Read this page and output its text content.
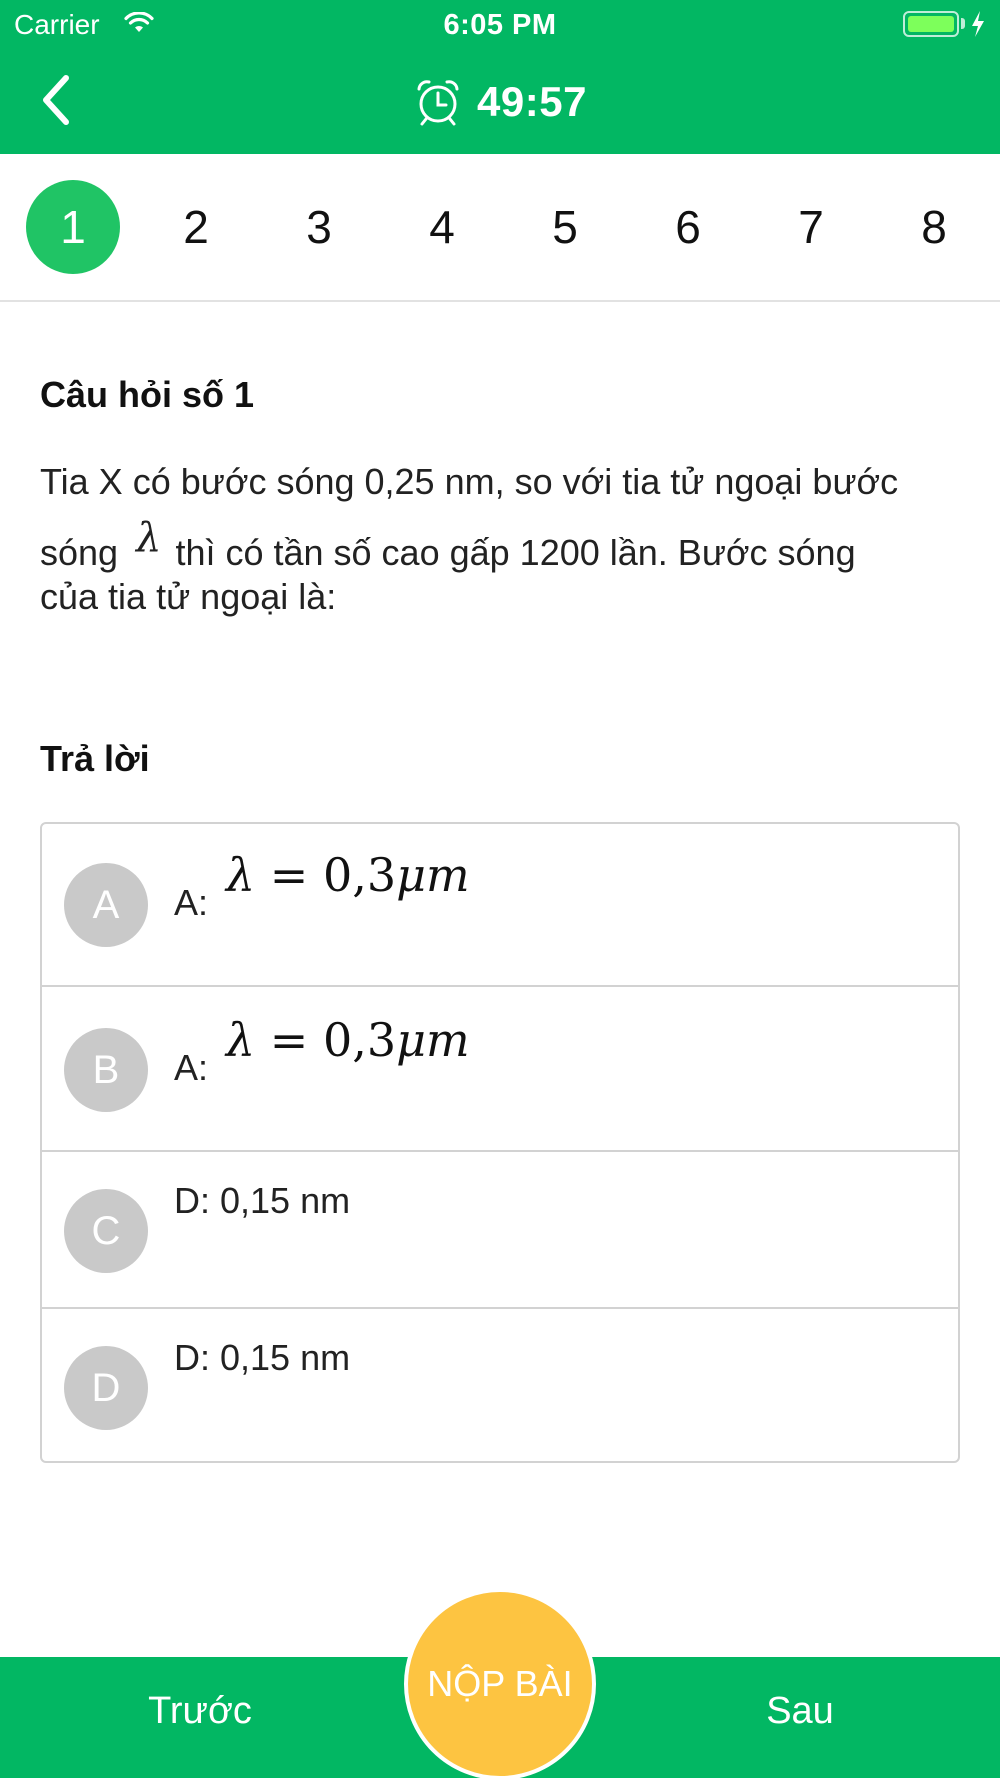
Carrier	6:05 PM
49:57
1	2	3	4	5	6	7	8
Câu hỏi số 1
Tia X có bước sóng 0,25 nm, so với tia tử ngoại bước
sóng λ thì có tần số cao gấp 1200 lần. Bước sóng
của tia tử ngoại là:
Trả lời
A	A:
λ = 0,3μm
B	A:
λ = 0,3μm
C
D: 0,15 nm
D
D: 0,15 nm
Trước	Sau
NỘP BÀI
